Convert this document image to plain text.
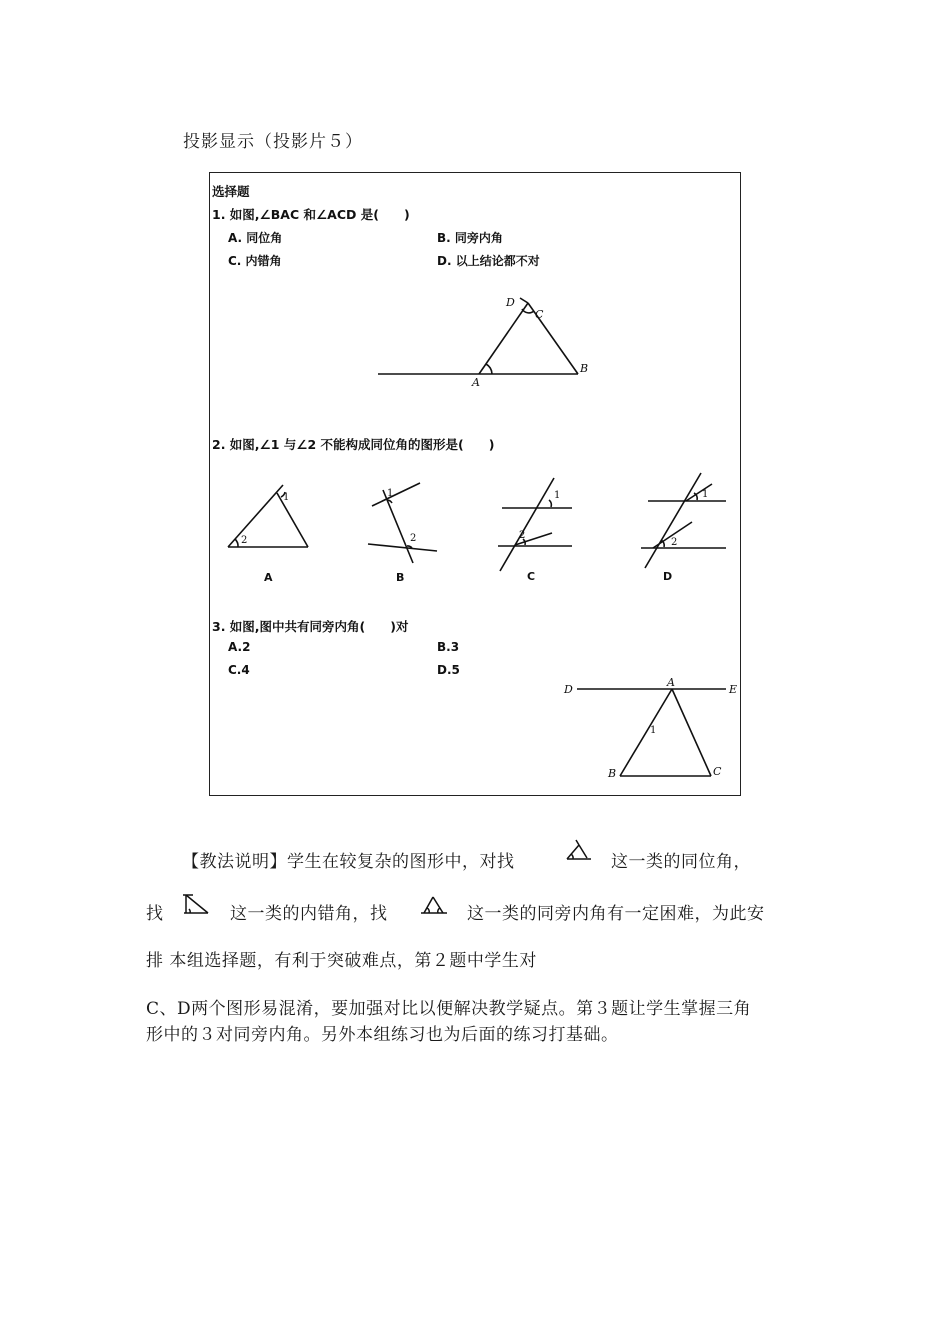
投影显示（投影片５）
选择题
1. 如图,∠BAC 和∠ACD 是(　　)
A. 同位角	B. 同旁内角
C. 内错角	D. 以上结论都不对
2. 如图,∠1 与∠2 不能构成同位角的图形是(　　)
3. 如图,图中共有同旁内角(　　)对
A.2	B.3
C.4	D.5
D
C
A
B
D
A
E
B	C
1
1
2
1
2
1
2
1
2
A	B	C	D
【教法说明】学生在较复杂的图形中，对找	这一类的同位角，
找	这一类的内错角，找	这一类的同旁内角有一定困难，为此安
排 本组选择题，有利于突破难点，第２题中学生对
C、D两个图形易混淆，要加强对比以便解决教学疑点。第３题让学生掌握三角
形中的３对同旁内角。另外本组练习也为后面的练习打基础。
